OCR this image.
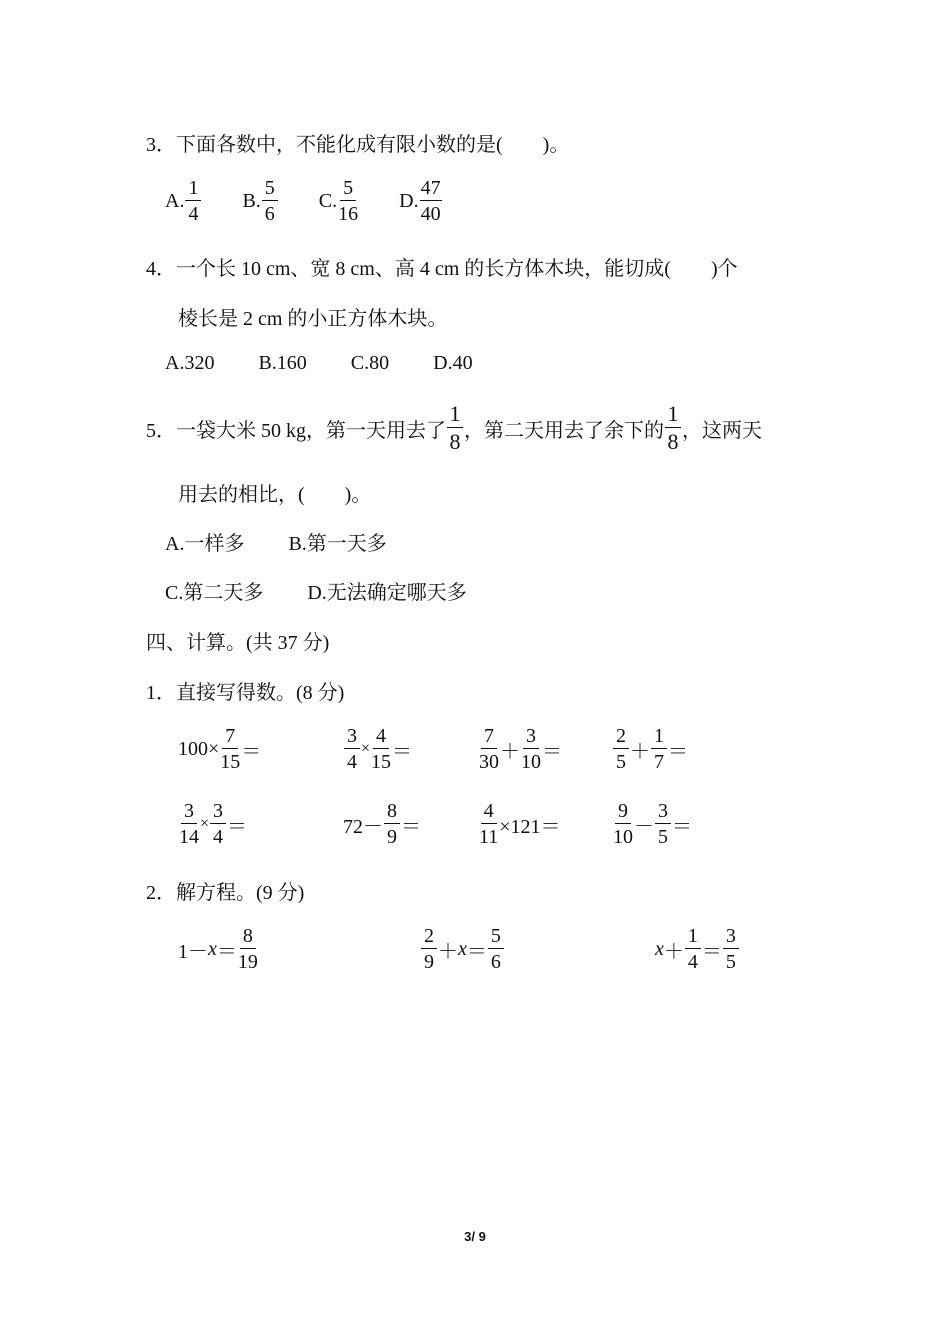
3．下面各数中，不能化成有限小数的是(　　)。
A. $\frac{1}{4} B$. $\frac{5}{6} C$. $\frac{5}{16} D$. $\frac{47}{40}$
4．一个长 10 cm、宽 8 cm、高 4 cm 的长方体木块，能切成(　　)个
棱长是 2 cm 的小正方体木块。
A.320 B.160 C.80 D.40
5．一袋大米 50 kg，第一天用去了 $\frac{1}{8}$ ，第二天用去了余下的 $\frac{1}{8}$ ，这两天
用去的相比，(　　)。
A.一样多 B.第一天多
C.第二天多 D.无法确定哪天多
四、计算。(共 37 分)
1．直接写得数。(8 分)
$100\times \frac{7}{15}$ ＝	$\frac{3}{4} \times \frac{4}{15}$ ＝	$\frac{7}{30} + \frac{3}{10}$ ＝	$\frac{2}{5} + \frac{1}{7}$ ＝
$\frac{3}{14} \times \frac{3}{4}$ ＝	$72- \frac{8}{9}$ ＝	$\frac{4}{11} \times 121=$	$\frac{9}{10} - \frac{3}{5}$ ＝
2．解方程。(9 分)
$1- x = \frac{8}{19}$	$\frac{2}{9} + x = \frac{5}{6}$	$x + \frac{1}{4} = \frac{3}{5}$
3/ 9
